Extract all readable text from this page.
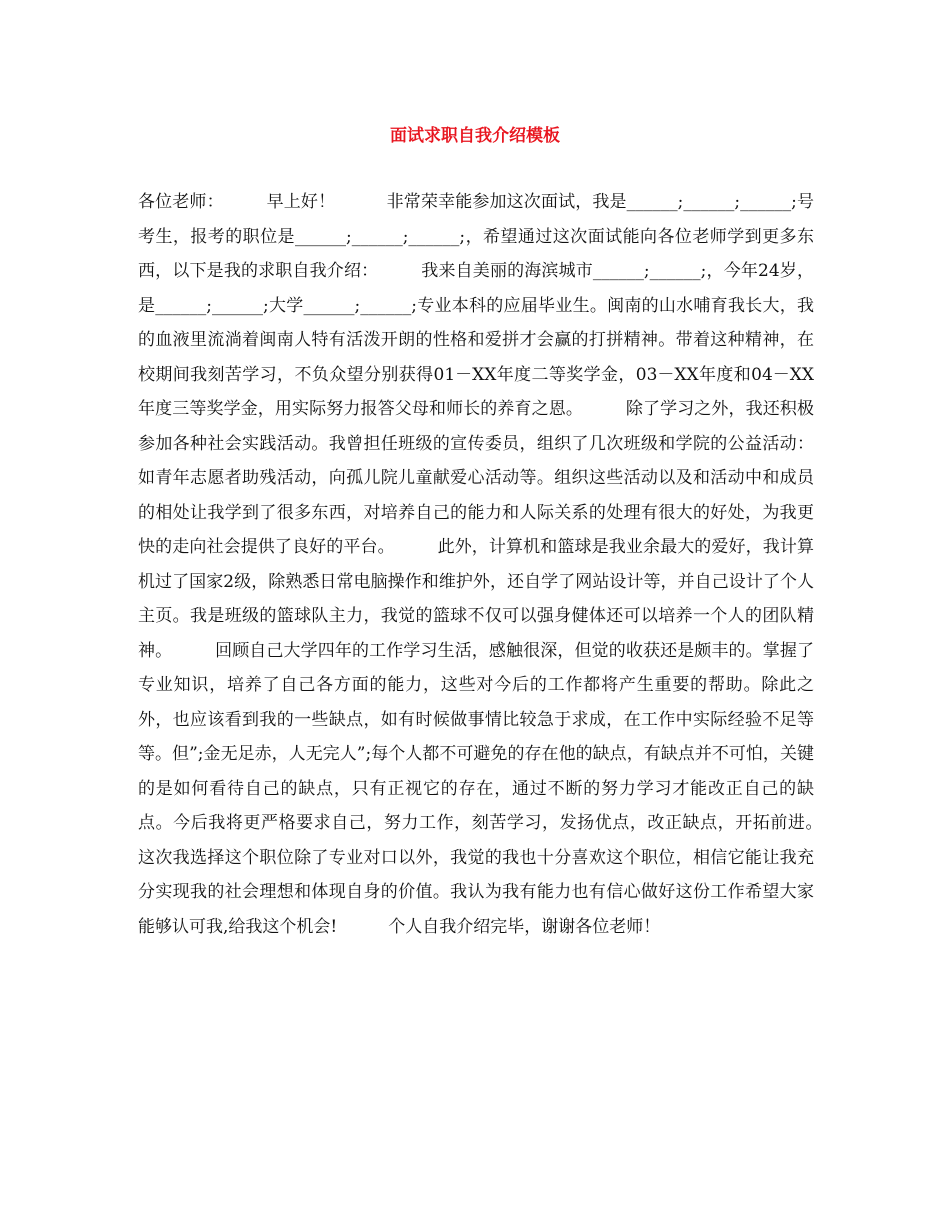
面试求职自我介绍模板

各位老师：　　　早上好！　　　非常荣幸能参加这次面试，我是______;______;______;号考生，报考的职位是______;______;______;，希望通过这次面试能向各位老师学到更多东西，以下是我的求职自我介绍：　　　我来自美丽的海滨城市______;______;，今年24岁，是______;______;大学______;______;专业本科的应届毕业生。闽南的山水哺育我长大，我的血液里流淌着闽南人特有活泼开朗的性格和爱拼才会赢的打拼精神。带着这种精神，在校期间我刻苦学习，不负众望分别获得01－XX年度二等奖学金，03－XX年度和04－XX年度三等奖学金，用实际努力报答父母和师长的养育之恩。　　　除了学习之外，我还积极参加各种社会实践活动。我曾担任班级的宣传委员，组织了几次班级和学院的公益活动：如青年志愿者助残活动，向孤儿院儿童献爱心活动等。组织这些活动以及和活动中和成员的相处让我学到了很多东西，对培养自己的能力和人际关系的处理有很大的好处，为我更快的走向社会提供了良好的平台。　　　此外，计算机和篮球是我业余最大的爱好，我计算机过了国家2级，除熟悉日常电脑操作和维护外，还自学了网站设计等，并自己设计了个人主页。我是班级的篮球队主力，我觉的篮球不仅可以强身健体还可以培养一个人的团队精神。　　　回顾自己大学四年的工作学习生活，感触很深，但觉的收获还是颇丰的。掌握了专业知识，培养了自己各方面的能力，这些对今后的工作都将产生重要的帮助。除此之外，也应该看到我的一些缺点，如有时候做事情比较急于求成，在工作中实际经验不足等等。但”;金无足赤，人无完人”;每个人都不可避免的存在他的缺点，有缺点并不可怕，关键的是如何看待自己的缺点，只有正视它的存在，通过不断的努力学习才能改正自己的缺点。今后我将更严格要求自己，努力工作，刻苦学习，发扬优点，改正缺点，开拓前进。　　　这次我选择这个职位除了专业对口以外，我觉的我也十分喜欢这个职位，相信它能让我充分实现我的社会理想和体现自身的价值。我认为我有能力也有信心做好这份工作希望大家能够认可我,给我这个机会!　　　个人自我介绍完毕，谢谢各位老师！
